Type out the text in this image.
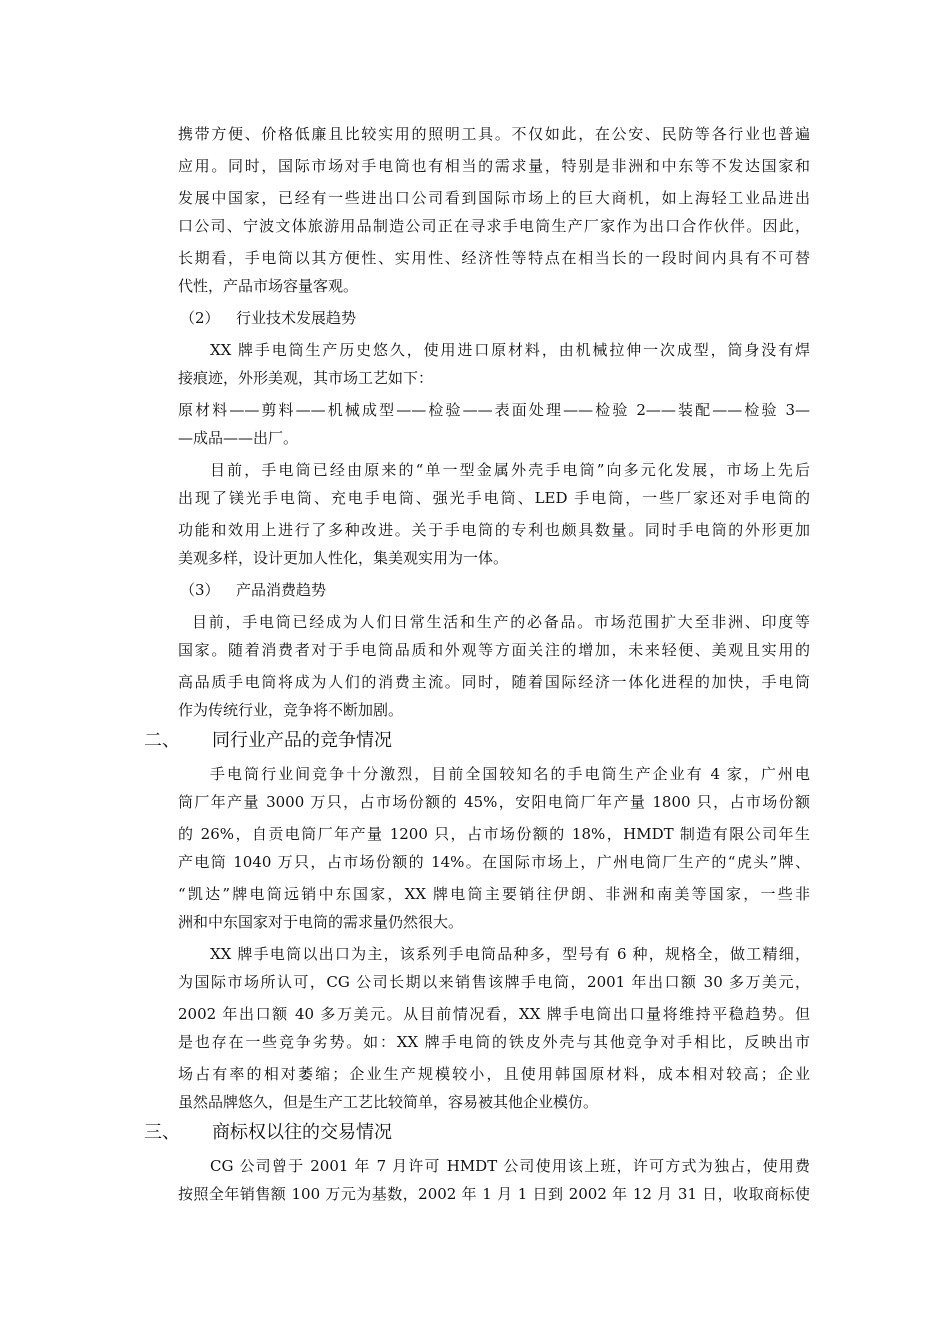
携带方便、价格低廉且比较实用的照明工具。不仅如此，在公安、民防等各行业也普遍
应用。同时，国际市场对手电筒也有相当的需求量，特别是非洲和中东等不发达国家和
发展中国家，已经有一些进出口公司看到国际市场上的巨大商机，如上海轻工业品进出
口公司、宁波文体旅游用品制造公司正在寻求手电筒生产厂家作为出口合作伙伴。因此，
长期看，手电筒以其方便性、实用性、经济性等特点在相当长的一段时间内具有不可替
代性，产品市场容量客观。
（2） 行业技术发展趋势
XX 牌手电筒生产历史悠久，使用进口原材料，由机械拉伸一次成型，筒身没有焊
接痕迹，外形美观，其市场工艺如下：
原材料——剪料——机械成型——检验——表面处理——检验 2——装配——检验 3—
—成品——出厂。
目前，手电筒已经由原来的“单一型金属外壳手电筒”向多元化发展，市场上先后
出现了镁光手电筒、充电手电筒、强光手电筒、LED 手电筒，一些厂家还对手电筒的
功能和效用上进行了多种改进。关于手电筒的专利也颇具数量。同时手电筒的外形更加
美观多样，设计更加人性化，集美观实用为一体。
（3） 产品消费趋势
目前，手电筒已经成为人们日常生活和生产的必备品。市场范围扩大至非洲、印度等
国家。随着消费者对于手电筒品质和外观等方面关注的增加，未来轻便、美观且实用的
高品质手电筒将成为人们的消费主流。同时，随着国际经济一体化进程的加快，手电筒
作为传统行业，竞争将不断加剧。
二、 同行业产品的竞争情况
手电筒行业间竞争十分激烈，目前全国较知名的手电筒生产企业有 4 家，广州电
筒厂年产量 3000 万只，占市场份额的 45%，安阳电筒厂年产量 1800 只，占市场份额
的 26%，自贡电筒厂年产量 1200 只，占市场份额的 18%，HMDT 制造有限公司年生
产电筒 1040 万只，占市场份额的 14%。在国际市场上，广州电筒厂生产的“虎头”牌、
“凯达”牌电筒远销中东国家，XX 牌电筒主要销往伊朗、非洲和南美等国家，一些非
洲和中东国家对于电筒的需求量仍然很大。
XX 牌手电筒以出口为主，该系列手电筒品种多，型号有 6 种，规格全，做工精细，
为国际市场所认可，CG 公司长期以来销售该牌手电筒，2001 年出口额 30 多万美元，
2002 年出口额 40 多万美元。从目前情况看，XX 牌手电筒出口量将维持平稳趋势。但
是也存在一些竞争劣势。如：XX 牌手电筒的铁皮外壳与其他竞争对手相比，反映出市
场占有率的相对萎缩；企业生产规模较小，且使用韩国原材料，成本相对较高；企业
虽然品牌悠久，但是生产工艺比较简单，容易被其他企业模仿。
三、 商标权以往的交易情况
CG 公司曾于 2001 年 7 月许可 HMDT 公司使用该上班，许可方式为独占，使用费
按照全年销售额 100 万元为基数，2002 年 1 月 1 日到 2002 年 12 月 31 日，收取商标使
